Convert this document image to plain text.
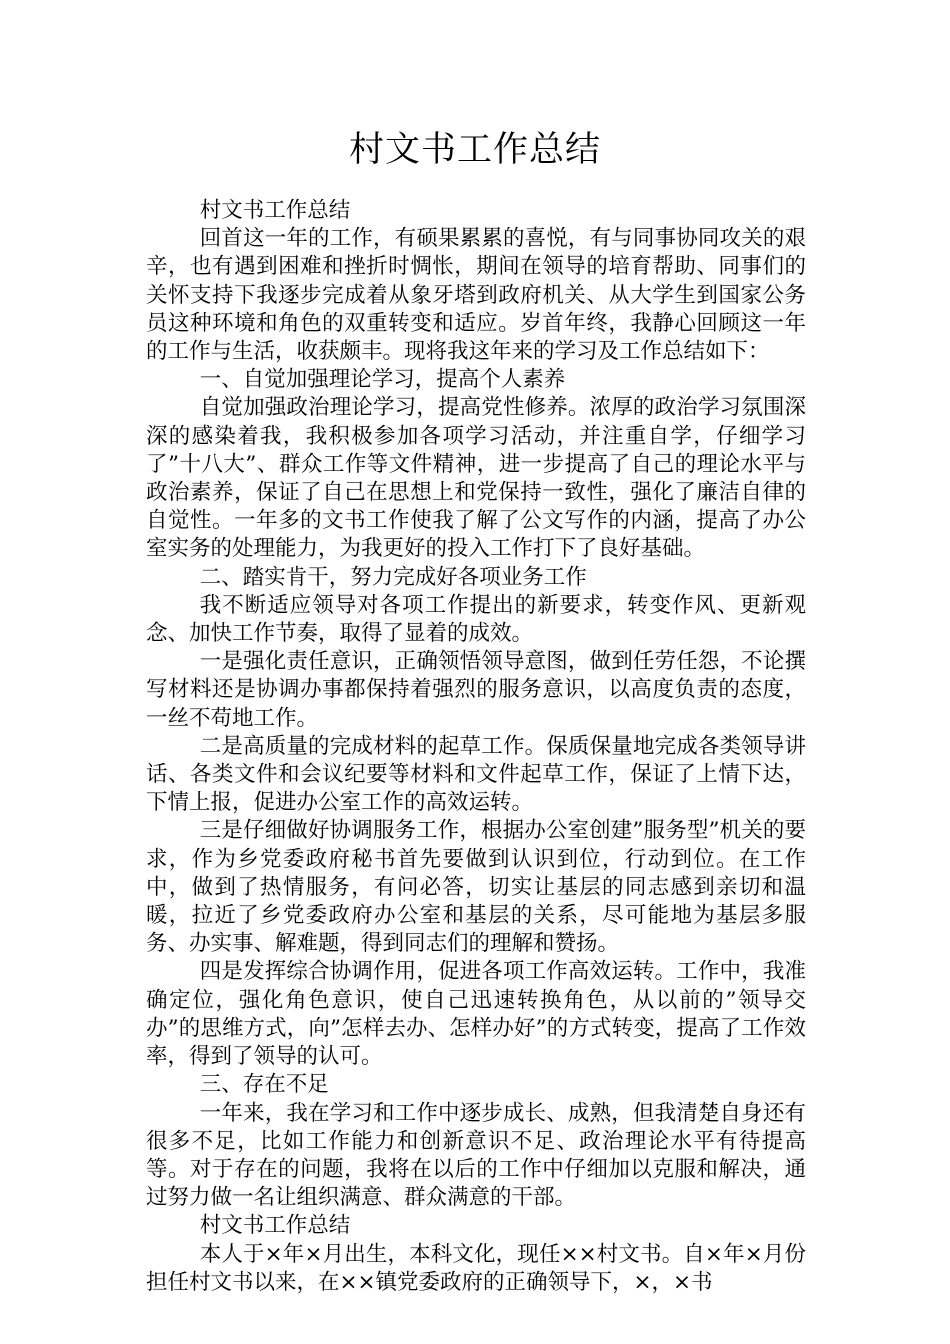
村文书工作总结

村文书工作总结

回首这一年的工作，有硕果累累的喜悦，有与同事协同攻关的艰辛，也有遇到困难和挫折时惆怅，期间在领导的培育帮助、同事们的关怀支持下我逐步完成着从象牙塔到政府机关、从大学生到国家公务员这种环境和角色的双重转变和适应。岁首年终，我静心回顾这一年的工作与生活，收获颇丰。现将我这年来的学习及工作总结如下：

一、自觉加强理论学习，提高个人素养

自觉加强政治理论学习，提高党性修养。浓厚的政治学习氛围深深的感染着我，我积极参加各项学习活动，并注重自学，仔细学习了”十八大”、群众工作等文件精神，进一步提高了自己的理论水平与政治素养，保证了自己在思想上和党保持一致性，强化了廉洁自律的自觉性。一年多的文书工作使我了解了公文写作的内涵，提高了办公室实务的处理能力，为我更好的投入工作打下了良好基础。

二、踏实肯干，努力完成好各项业务工作

我不断适应领导对各项工作提出的新要求，转变作风、更新观念、加快工作节奏，取得了显着的成效。

一是强化责任意识，正确领悟领导意图，做到任劳任怨，不论撰写材料还是协调办事都保持着强烈的服务意识，以高度负责的态度，一丝不苟地工作。

二是高质量的完成材料的起草工作。保质保量地完成各类领导讲话、各类文件和会议纪要等材料和文件起草工作，保证了上情下达，下情上报，促进办公室工作的高效运转。

三是仔细做好协调服务工作，根据办公室创建”服务型”机关的要求，作为乡党委政府秘书首先要做到认识到位，行动到位。在工作中，做到了热情服务，有问必答，切实让基层的同志感到亲切和温暖，拉近了乡党委政府办公室和基层的关系，尽可能地为基层多服务、办实事、解难题，得到同志们的理解和赞扬。

四是发挥综合协调作用，促进各项工作高效运转。工作中，我准确定位，强化角色意识，使自己迅速转换角色，从以前的”领导交办”的思维方式，向”怎样去办、怎样办好”的方式转变，提高了工作效率，得到了领导的认可。

三、存在不足

一年来，我在学习和工作中逐步成长、成熟，但我清楚自身还有很多不足，比如工作能力和创新意识不足、政治理论水平有待提高等。对于存在的问题，我将在以后的工作中仔细加以克服和解决，通过努力做一名让组织满意、群众满意的干部。

村文书工作总结

本人于×年×月出生，本科文化，现任××村文书。自×年×月份担任村文书以来，在××镇党委政府的正确领导下，×，×书
